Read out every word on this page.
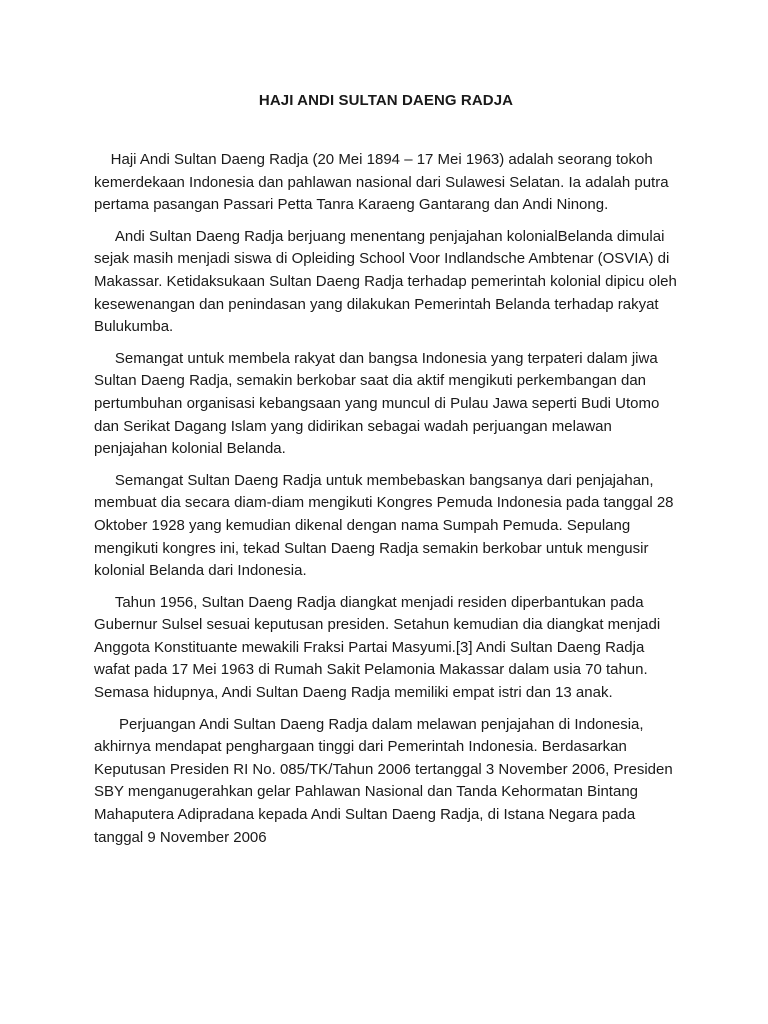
HAJI ANDI SULTAN DAENG RADJA

Haji Andi Sultan Daeng Radja (20 Mei 1894 – 17 Mei 1963) adalah seorang tokoh kemerdekaan Indonesia dan pahlawan nasional dari Sulawesi Selatan. Ia adalah putra pertama pasangan Passari Petta Tanra Karaeng Gantarang dan Andi Ninong.

Andi Sultan Daeng Radja berjuang menentang penjajahan kolonialBelanda dimulai sejak masih menjadi siswa di Opleiding School Voor Indlandsche Ambtenar (OSVIA) di Makassar. Ketidaksukaan Sultan Daeng Radja terhadap pemerintah kolonial dipicu oleh kesewenangan dan penindasan yang dilakukan Pemerintah Belanda terhadap rakyat Bulukumba.

Semangat untuk membela rakyat dan bangsa Indonesia yang terpateri dalam jiwa Sultan Daeng Radja, semakin berkobar saat dia aktif mengikuti perkembangan dan pertumbuhan organisasi kebangsaan yang muncul di Pulau Jawa seperti Budi Utomo dan Serikat Dagang Islam yang didirikan sebagai wadah perjuangan melawan penjajahan kolonial Belanda.

Semangat Sultan Daeng Radja untuk membebaskan bangsanya dari penjajahan, membuat dia secara diam-diam mengikuti Kongres Pemuda Indonesia pada tanggal 28 Oktober 1928 yang kemudian dikenal dengan nama Sumpah Pemuda. Sepulang mengikuti kongres ini, tekad Sultan Daeng Radja semakin berkobar untuk mengusir kolonial Belanda dari Indonesia.

Tahun 1956, Sultan Daeng Radja diangkat menjadi residen diperbantukan pada Gubernur Sulsel sesuai keputusan presiden. Setahun kemudian dia diangkat menjadi Anggota Konstituante mewakili Fraksi Partai Masyumi.[3] Andi Sultan Daeng Radja wafat pada 17 Mei 1963 di Rumah Sakit Pelamonia Makassar dalam usia 70 tahun. Semasa hidupnya, Andi Sultan Daeng Radja memiliki empat istri dan 13 anak.

Perjuangan Andi Sultan Daeng Radja dalam melawan penjajahan di Indonesia, akhirnya mendapat penghargaan tinggi dari Pemerintah Indonesia. Berdasarkan Keputusan Presiden RI No. 085/TK/Tahun 2006 tertanggal 3 November 2006, Presiden SBY menganugerahkan gelar Pahlawan Nasional dan Tanda Kehormatan Bintang Mahaputera Adipradana kepada Andi Sultan Daeng Radja, di Istana Negara pada tanggal 9 November 2006
